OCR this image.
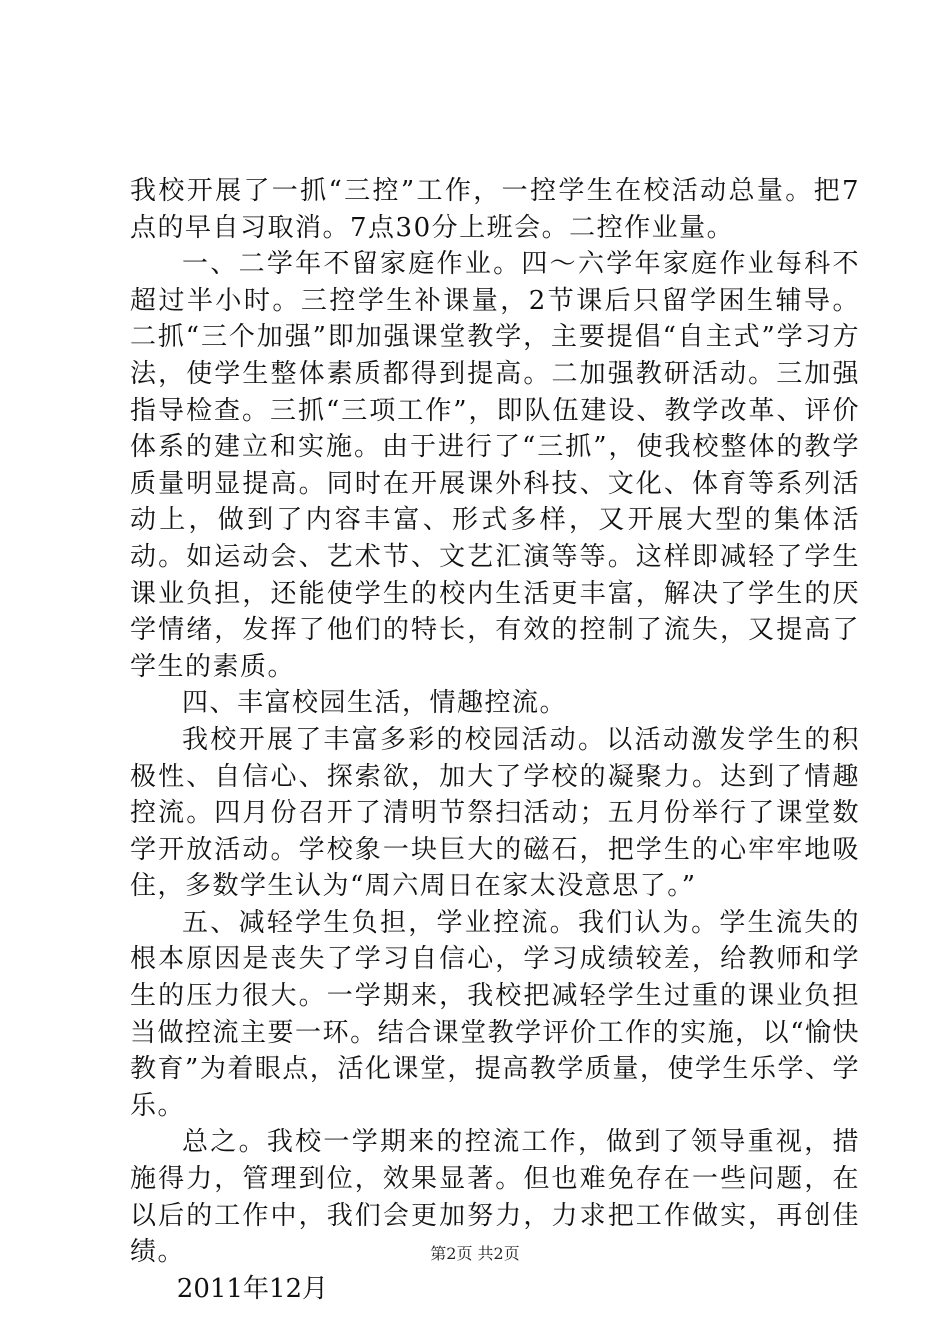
我校开展了一抓“三控”工作，一控学生在校活动总量。把7点的早自习取消。7点30分上班会。二控作业量。

一、二学年不留家庭作业。四～六学年家庭作业每科不超过半小时。三控学生补课量，2节课后只留学困生辅导。二抓“三个加强”即加强课堂教学，主要提倡“自主式”学习方法，使学生整体素质都得到提高。二加强教研活动。三加强指导检查。三抓“三项工作”，即队伍建设、教学改革、评价体系的建立和实施。由于进行了“三抓”，使我校整体的教学质量明显提高。同时在开展课外科技、文化、体育等系列活动上，做到了内容丰富、形式多样，又开展大型的集体活动。如运动会、艺术节、文艺汇演等等。这样即减轻了学生课业负担，还能使学生的校内生活更丰富，解决了学生的厌学情绪，发挥了他们的特长，有效的控制了流失，又提高了学生的素质。

四、丰富校园生活，情趣控流。

我校开展了丰富多彩的校园活动。以活动激发学生的积极性、自信心、探索欲，加大了学校的凝聚力。达到了情趣控流。四月份召开了清明节祭扫活动；五月份举行了课堂数学开放活动。学校象一块巨大的磁石，把学生的心牢牢地吸住，多数学生认为“周六周日在家太没意思了。”

五、减轻学生负担，学业控流。我们认为。学生流失的根本原因是丧失了学习自信心，学习成绩较差，给教师和学生的压力很大。一学期来，我校把减轻学生过重的课业负担当做控流主要一环。结合课堂教学评价工作的实施，以“愉快教育”为着眼点，活化课堂，提高教学质量，使学生乐学、学乐。

总之。我校一学期来的控流工作，做到了领导重视，措施得力，管理到位，效果显著。但也难免存在一些问题，在以后的工作中，我们会更加努力，力求把工作做实，再创佳绩。

2011年12月

第2页 共2页
